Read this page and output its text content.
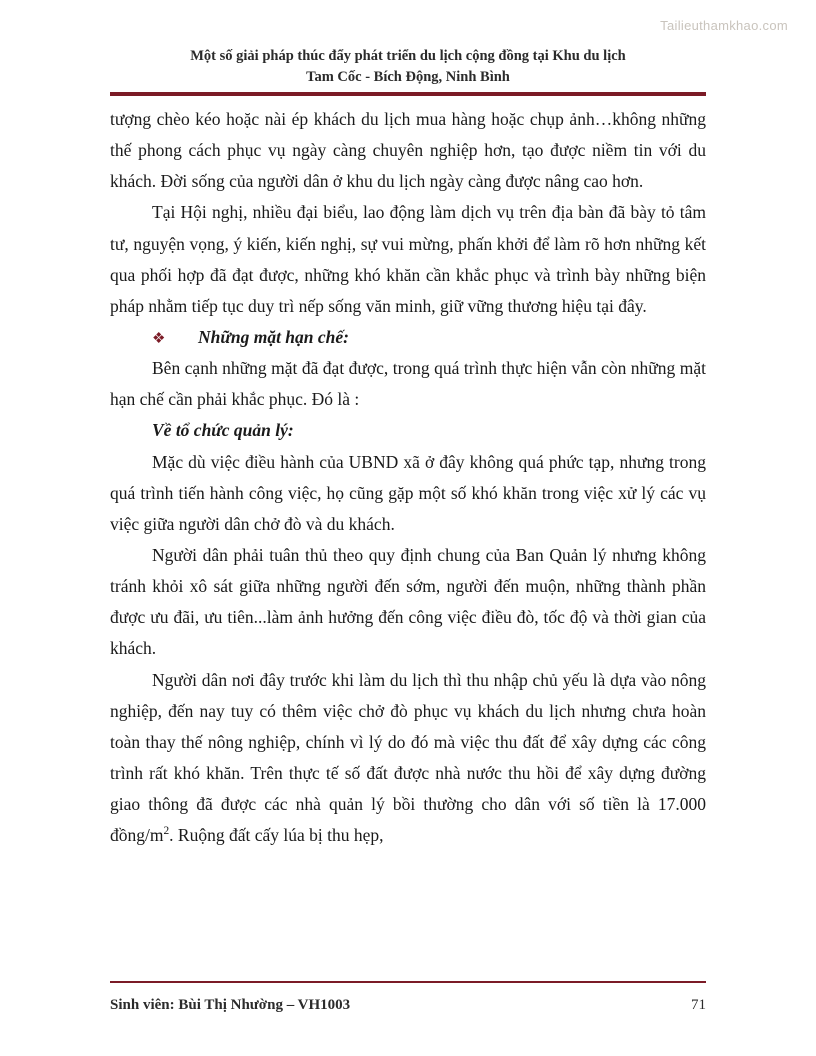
Tailieuthamkhao.com
Một số giải pháp thúc đẩy phát triển du lịch cộng đồng tại Khu du lịch
Tam Cốc - Bích Động, Ninh Bình

tượng chèo kéo hoặc nài ép khách du lịch mua hàng hoặc chụp ảnh…không những thế phong cách phục vụ ngày càng chuyên nghiệp hơn, tạo được niềm tin với du khách. Đời sống của người dân ở khu du lịch ngày càng được nâng cao hơn.

Tại Hội nghị, nhiều đại biểu, lao động làm dịch vụ trên địa bàn đã bày tỏ tâm tư, nguyện vọng, ý kiến, kiến nghị, sự vui mừng, phấn khởi để làm rõ hơn những kết qua phối hợp đã đạt được, những khó khăn cần khắc phục và trình bày những biện pháp nhằm tiếp tục duy trì nếp sống văn minh, giữ vững thương hiệu tại đây.

❖ Những mặt hạn chế:

Bên cạnh những mặt đã đạt được, trong quá trình thực hiện vẫn còn những mặt hạn chế cần phải khắc phục. Đó là :

Về tổ chức quản lý:

Mặc dù việc điều hành của UBND xã ở đây không quá phức tạp, nhưng trong quá trình tiến hành công việc, họ cũng gặp một số khó khăn trong việc xử lý các vụ việc giữa người dân chở đò và du khách.

Người dân phải tuân thủ theo quy định chung của Ban Quản lý nhưng không tránh khỏi xô sát giữa những người đến sớm, người đến muộn, những thành phần được ưu đãi, ưu tiên...làm ảnh hưởng đến công việc điều đò, tốc độ và thời gian của khách.

Người dân nơi đây trước khi làm du lịch thì thu nhập chủ yếu là dựa vào nông nghiệp, đến nay tuy có thêm việc chở đò phục vụ khách du lịch nhưng chưa hoàn toàn thay thế nông nghiệp, chính vì lý do đó mà việc thu đất để xây dựng các công trình rất khó khăn. Trên thực tế số đất được nhà nước thu hồi để xây dựng đường giao thông đã được các nhà quản lý bồi thường cho dân với số tiền là 17.000 đồng/$m^2$. Ruộng đất cấy lúa bị thu hẹp,

Sinh viên: Bùi Thị Nhường – VH1003	71
